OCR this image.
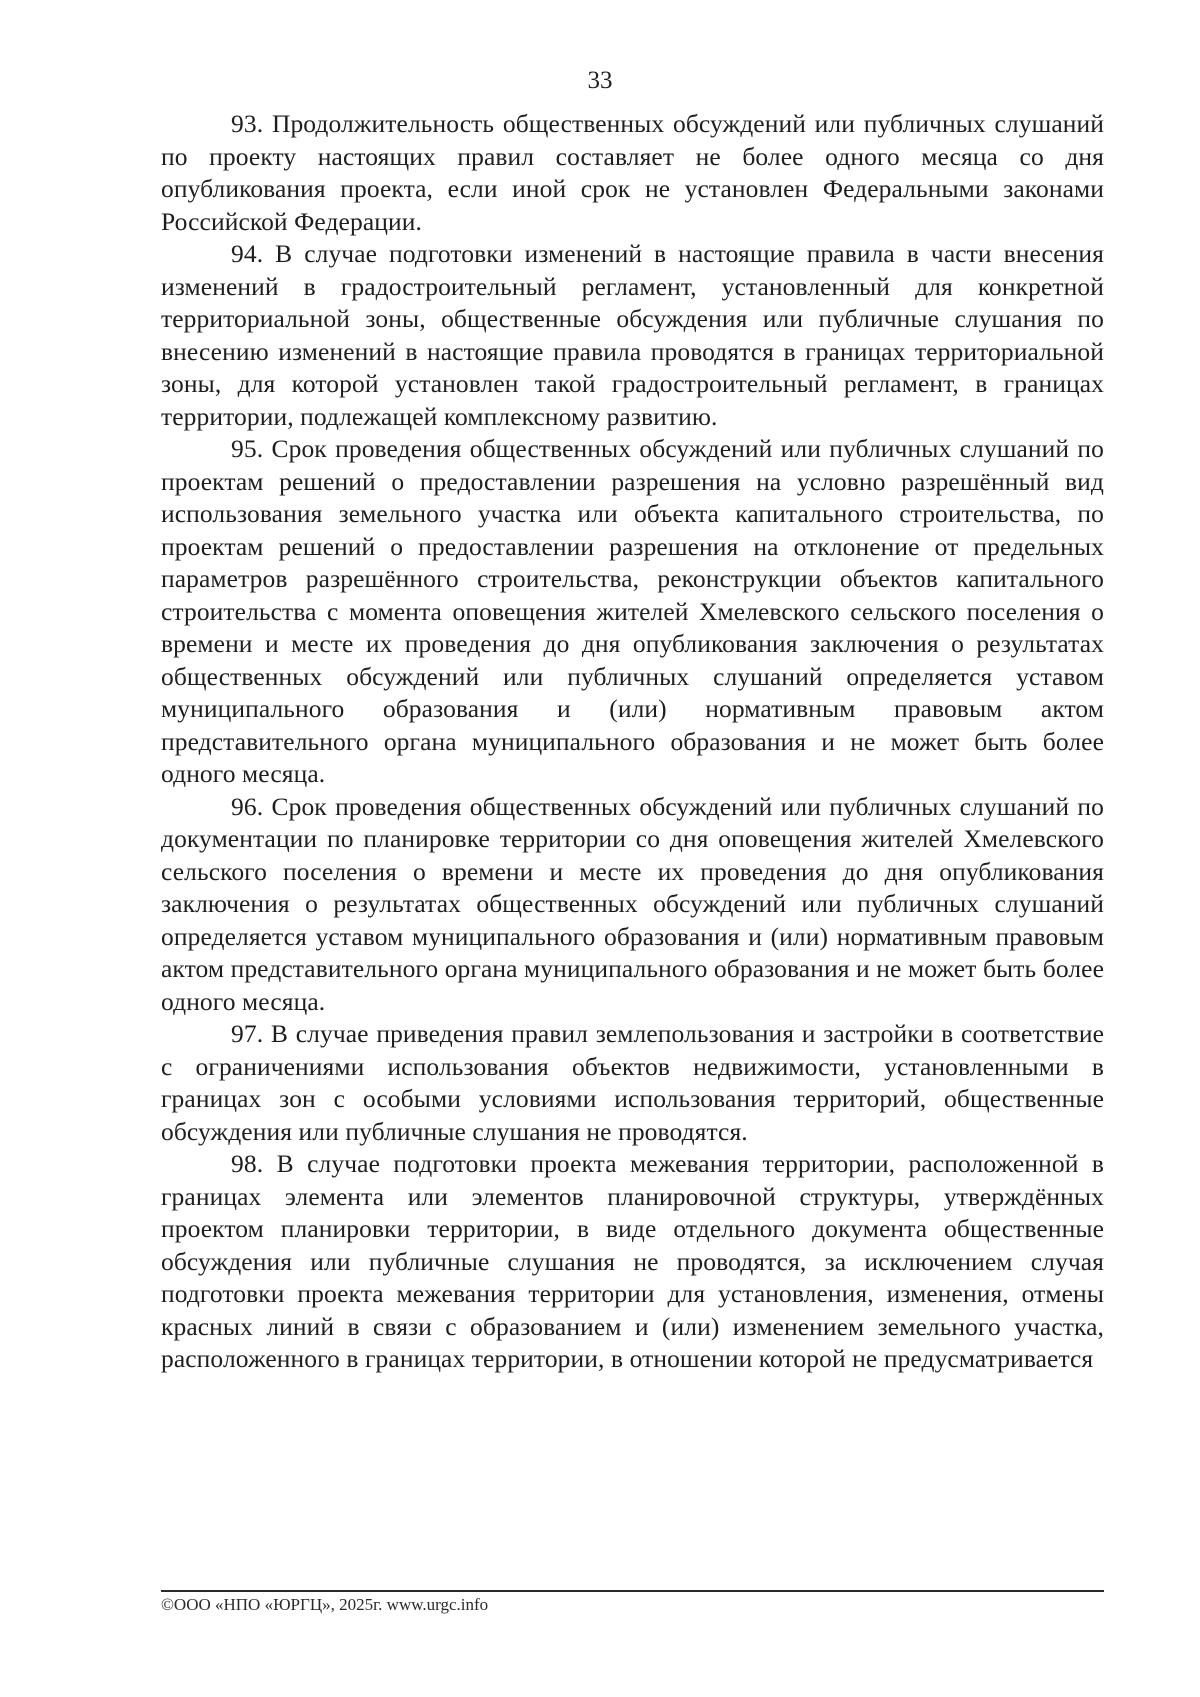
33

93. Продолжительность общественных обсуждений или публичных слушаний по проекту настоящих правил составляет не более одного месяца со дня опубликования проекта, если иной срок не установлен Федеральными законами Российской Федерации.

94. В случае подготовки изменений в настоящие правила в части внесения изменений в градостроительный регламент, установленный для конкретной территориальной зоны, общественные обсуждения или публичные слушания по внесению изменений в настоящие правила проводятся в границах территориальной зоны, для которой установлен такой градостроительный регламент, в границах территории, подлежащей комплексному развитию.

95. Срок проведения общественных обсуждений или публичных слушаний по проектам решений о предоставлении разрешения на условно разрешённый вид использования земельного участка или объекта капитального строительства, по проектам решений о предоставлении разрешения на отклонение от предельных параметров разрешённого строительства, реконструкции объектов капитального строительства с момента оповещения жителей Хмелевского сельского поселения о времени и месте их проведения до дня опубликования заключения о результатах общественных обсуждений или публичных слушаний определяется уставом муниципального образования и (или) нормативным правовым актом представительного органа муниципального образования и не может быть более одного месяца.

96. Срок проведения общественных обсуждений или публичных слушаний по документации по планировке территории со дня оповещения жителей Хмелевского сельского поселения о времени и месте их проведения до дня опубликования заключения о результатах общественных обсуждений или публичных слушаний определяется уставом муниципального образования и (или) нормативным правовым актом представительного органа муниципального образования и не может быть более одного месяца.

97. В случае приведения правил землепользования и застройки в соответствие с ограничениями использования объектов недвижимости, установленными в границах зон с особыми условиями использования территорий, общественные обсуждения или публичные слушания не проводятся.

98. В случае подготовки проекта межевания территории, расположенной в границах элемента или элементов планировочной структуры, утверждённых проектом планировки территории, в виде отдельного документа общественные обсуждения или публичные слушания не проводятся, за исключением случая подготовки проекта межевания территории для установления, изменения, отмены красных линий в связи с образованием и (или) изменением земельного участка, расположенного в границах территории, в отношении которой не предусматривается

©ООО «НПО «ЮРГЦ», 2025г. www.urgc.info
